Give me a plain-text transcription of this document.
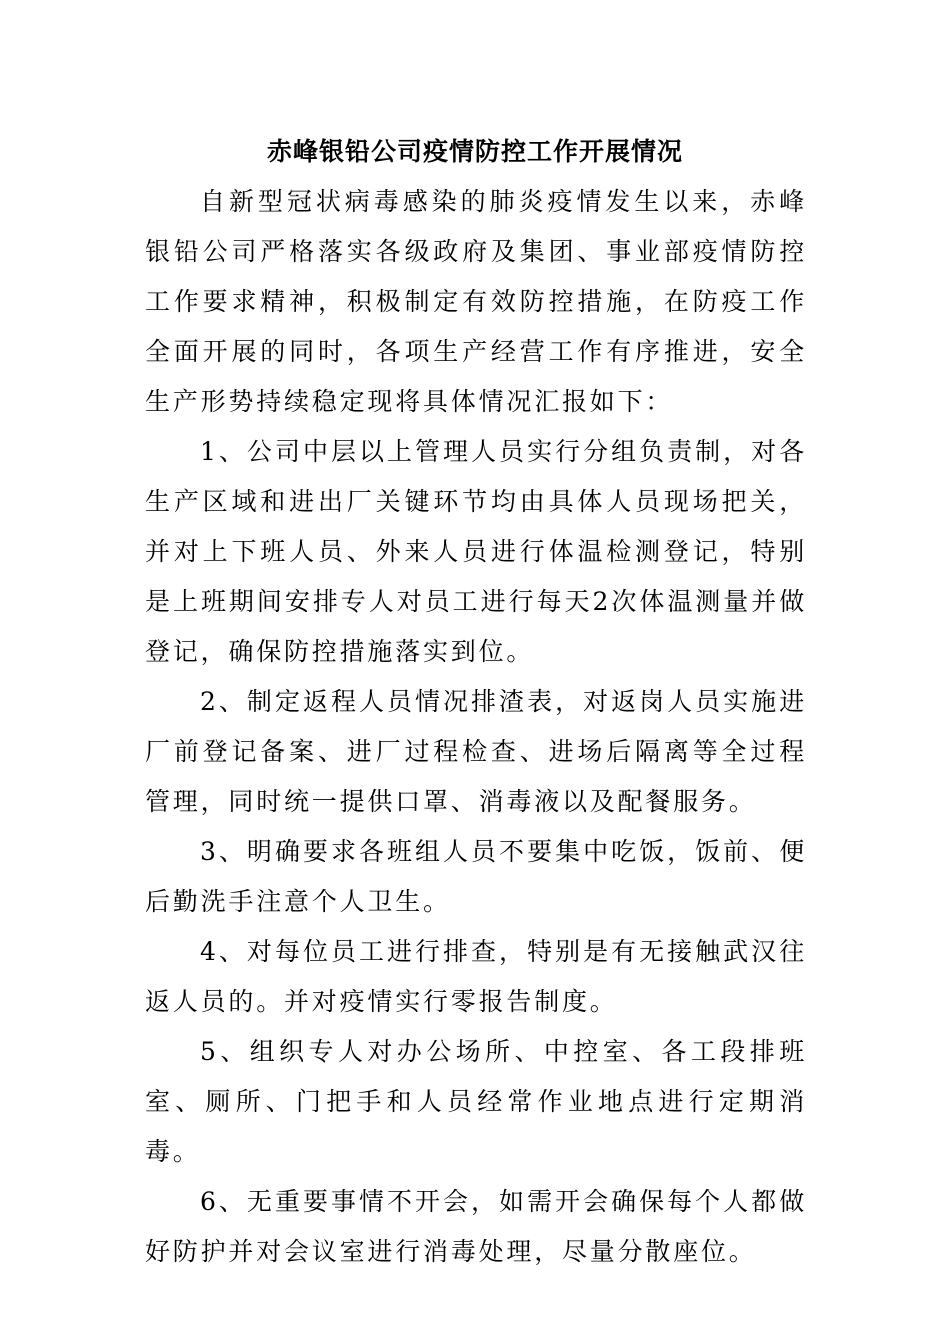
赤峰银铅公司疫情防控工作开展情况

自新型冠状病毒感染的肺炎疫情发生以来，赤峰银铅公司严格落实各级政府及集团、事业部疫情防控工作要求精神，积极制定有效防控措施，在防疫工作全面开展的同时，各项生产经营工作有序推进，安全生产形势持续稳定现将具体情况汇报如下：

1、公司中层以上管理人员实行分组负责制，对各生产区域和进出厂关键环节均由具体人员现场把关，并对上下班人员、外来人员进行体温检测登记，特别是上班期间安排专人对员工进行每天2次体温测量并做登记，确保防控措施落实到位。

2、制定返程人员情况排渣表，对返岗人员实施进厂前登记备案、进厂过程检查、进场后隔离等全过程管理，同时统一提供口罩、消毒液以及配餐服务。

3、明确要求各班组人员不要集中吃饭，饭前、便后勤洗手注意个人卫生。

4、对每位员工进行排查，特别是有无接触武汉往返人员的。并对疫情实行零报告制度。

5、组织专人对办公场所、中控室、各工段排班室、厕所、门把手和人员经常作业地点进行定期消毒。

6、无重要事情不开会，如需开会确保每个人都做好防护并对会议室进行消毒处理，尽量分散座位。
